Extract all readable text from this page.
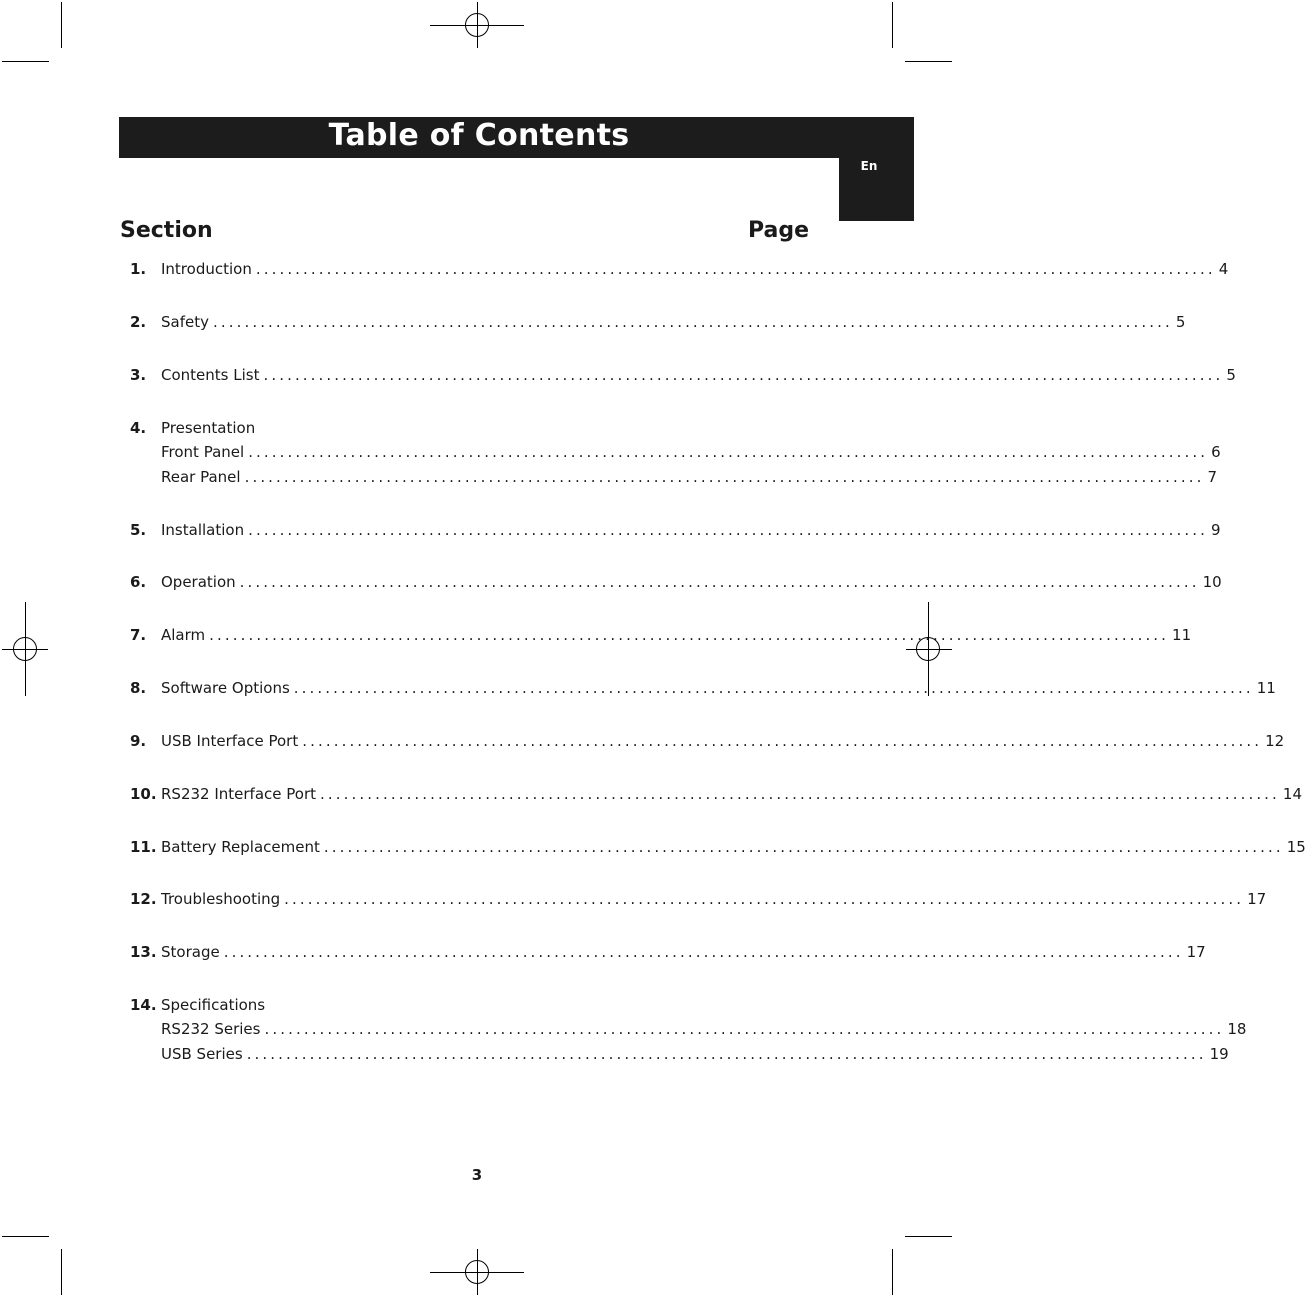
Table of Contents
En
Section	Page
1. Introduction .......................................................................................................................... 4
2. Safety .......................................................................................................................... 5
3. Contents List .......................................................................................................................... 5
4. Presentation
Front Panel .......................................................................................................................... 6
Rear Panel .......................................................................................................................... 7
5. Installation .......................................................................................................................... 9
6. Operation .......................................................................................................................... 10
7. Alarm .......................................................................................................................... 11
8. Software Options .......................................................................................................................... 11
9. USB Interface Port .......................................................................................................................... 12
10. RS232 Interface Port .......................................................................................................................... 14
11. Battery Replacement .......................................................................................................................... 15
12. Troubleshooting .......................................................................................................................... 17
13. Storage .......................................................................................................................... 17
14. Specifications
RS232 Series .......................................................................................................................... 18
USB Series .......................................................................................................................... 19
3
